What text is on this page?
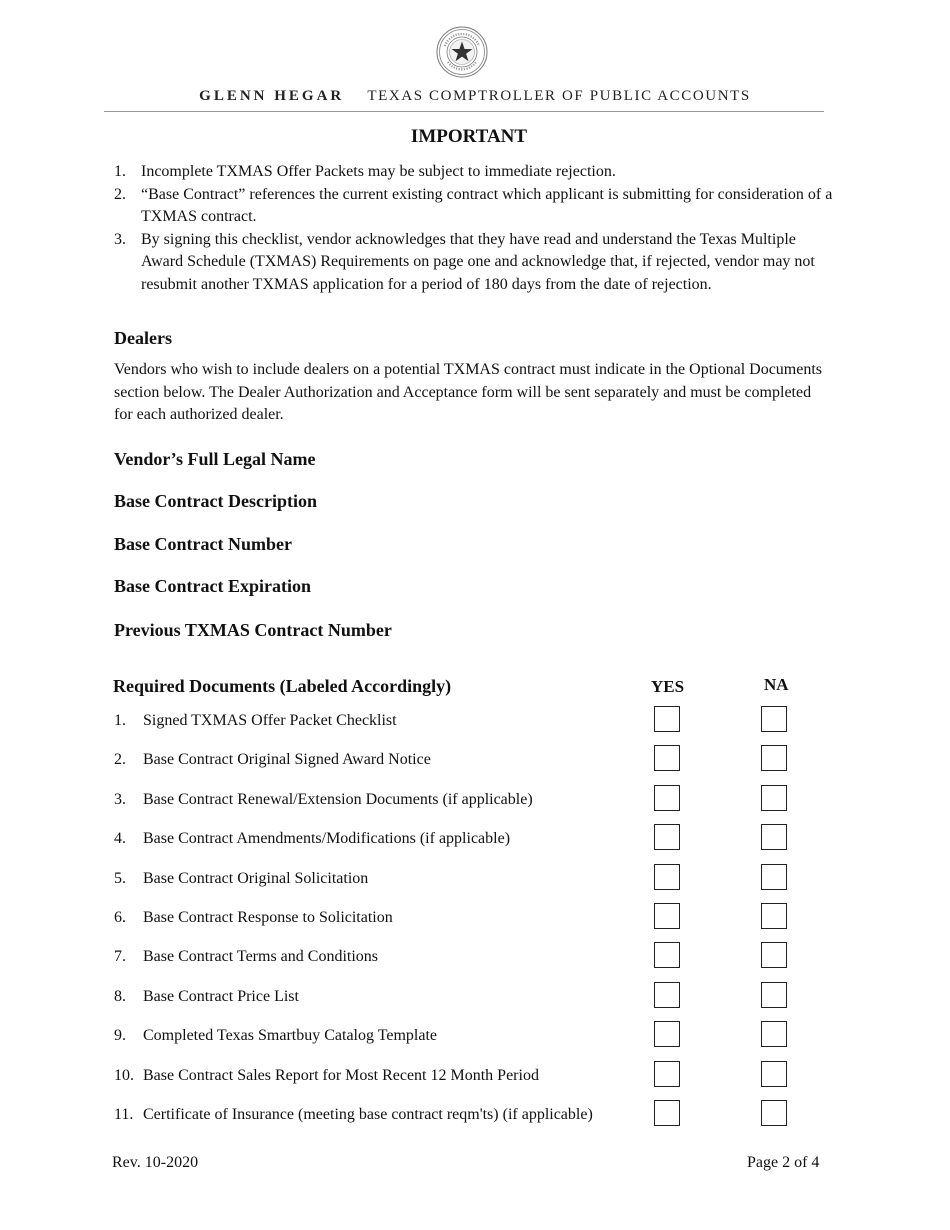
GLENN HEGAR TEXAS COMPTROLLER OF PUBLIC ACCOUNTS
IMPORTANT
1. Incomplete TXMAS Offer Packets may be subject to immediate rejection.
2. “Base Contract” references the current existing contract which applicant is submitting for consideration of a TXMAS contract.
3. By signing this checklist, vendor acknowledges that they have read and understand the Texas Multiple Award Schedule (TXMAS) Requirements on page one and acknowledge that, if rejected, vendor may not resubmit another TXMAS application for a period of 180 days from the date of rejection.
Dealers
Vendors who wish to include dealers on a potential TXMAS contract must indicate in the Optional Documents section below. The Dealer Authorization and Acceptance form will be sent separately and must be completed for each authorized dealer.
Vendor’s Full Legal Name
Base Contract Description
Base Contract Number
Base Contract Expiration
Previous TXMAS Contract Number
Required Documents (Labeled Accordingly)	YES	NA
1. Signed TXMAS Offer Packet Checklist
2. Base Contract Original Signed Award Notice
3. Base Contract Renewal/Extension Documents (if applicable)
4. Base Contract Amendments/Modifications (if applicable)
5. Base Contract Original Solicitation
6. Base Contract Response to Solicitation
7. Base Contract Terms and Conditions
8. Base Contract Price List
9. Completed Texas Smartbuy Catalog Template
10. Base Contract Sales Report for Most Recent 12 Month Period
11. Certificate of Insurance (meeting base contract reqm'ts) (if applicable)
Rev. 10-2020	Page 2 of 4
